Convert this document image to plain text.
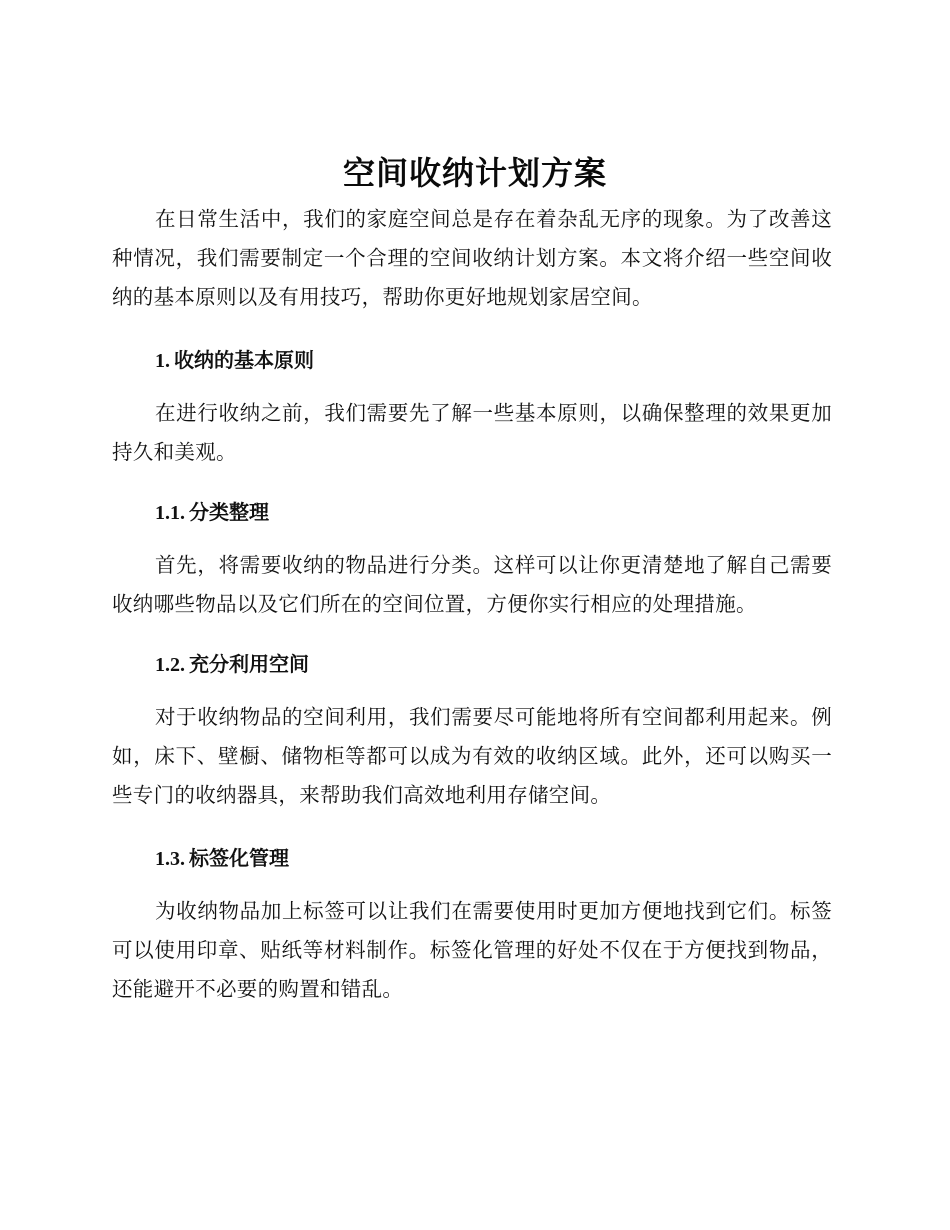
空间收纳计划方案

在日常生活中，我们的家庭空间总是存在着杂乱无序的现象。为了改善这种情况，我们需要制定一个合理的空间收纳计划方案。本文将介绍一些空间收纳的基本原则以及有用技巧，帮助你更好地规划家居空间。

1. 收纳的基本原则

在进行收纳之前，我们需要先了解一些基本原则，以确保整理的效果更加持久和美观。

1.1. 分类整理

首先，将需要收纳的物品进行分类。这样可以让你更清楚地了解自己需要收纳哪些物品以及它们所在的空间位置，方便你实行相应的处理措施。

1.2. 充分利用空间

对于收纳物品的空间利用，我们需要尽可能地将所有空间都利用起来。例如，床下、壁橱、储物柜等都可以成为有效的收纳区域。此外，还可以购买一些专门的收纳器具，来帮助我们高效地利用存储空间。

1.3. 标签化管理

为收纳物品加上标签可以让我们在需要使用时更加方便地找到它们。标签可以使用印章、贴纸等材料制作。标签化管理的好处不仅在于方便找到物品，还能避开不必要的购置和错乱。
